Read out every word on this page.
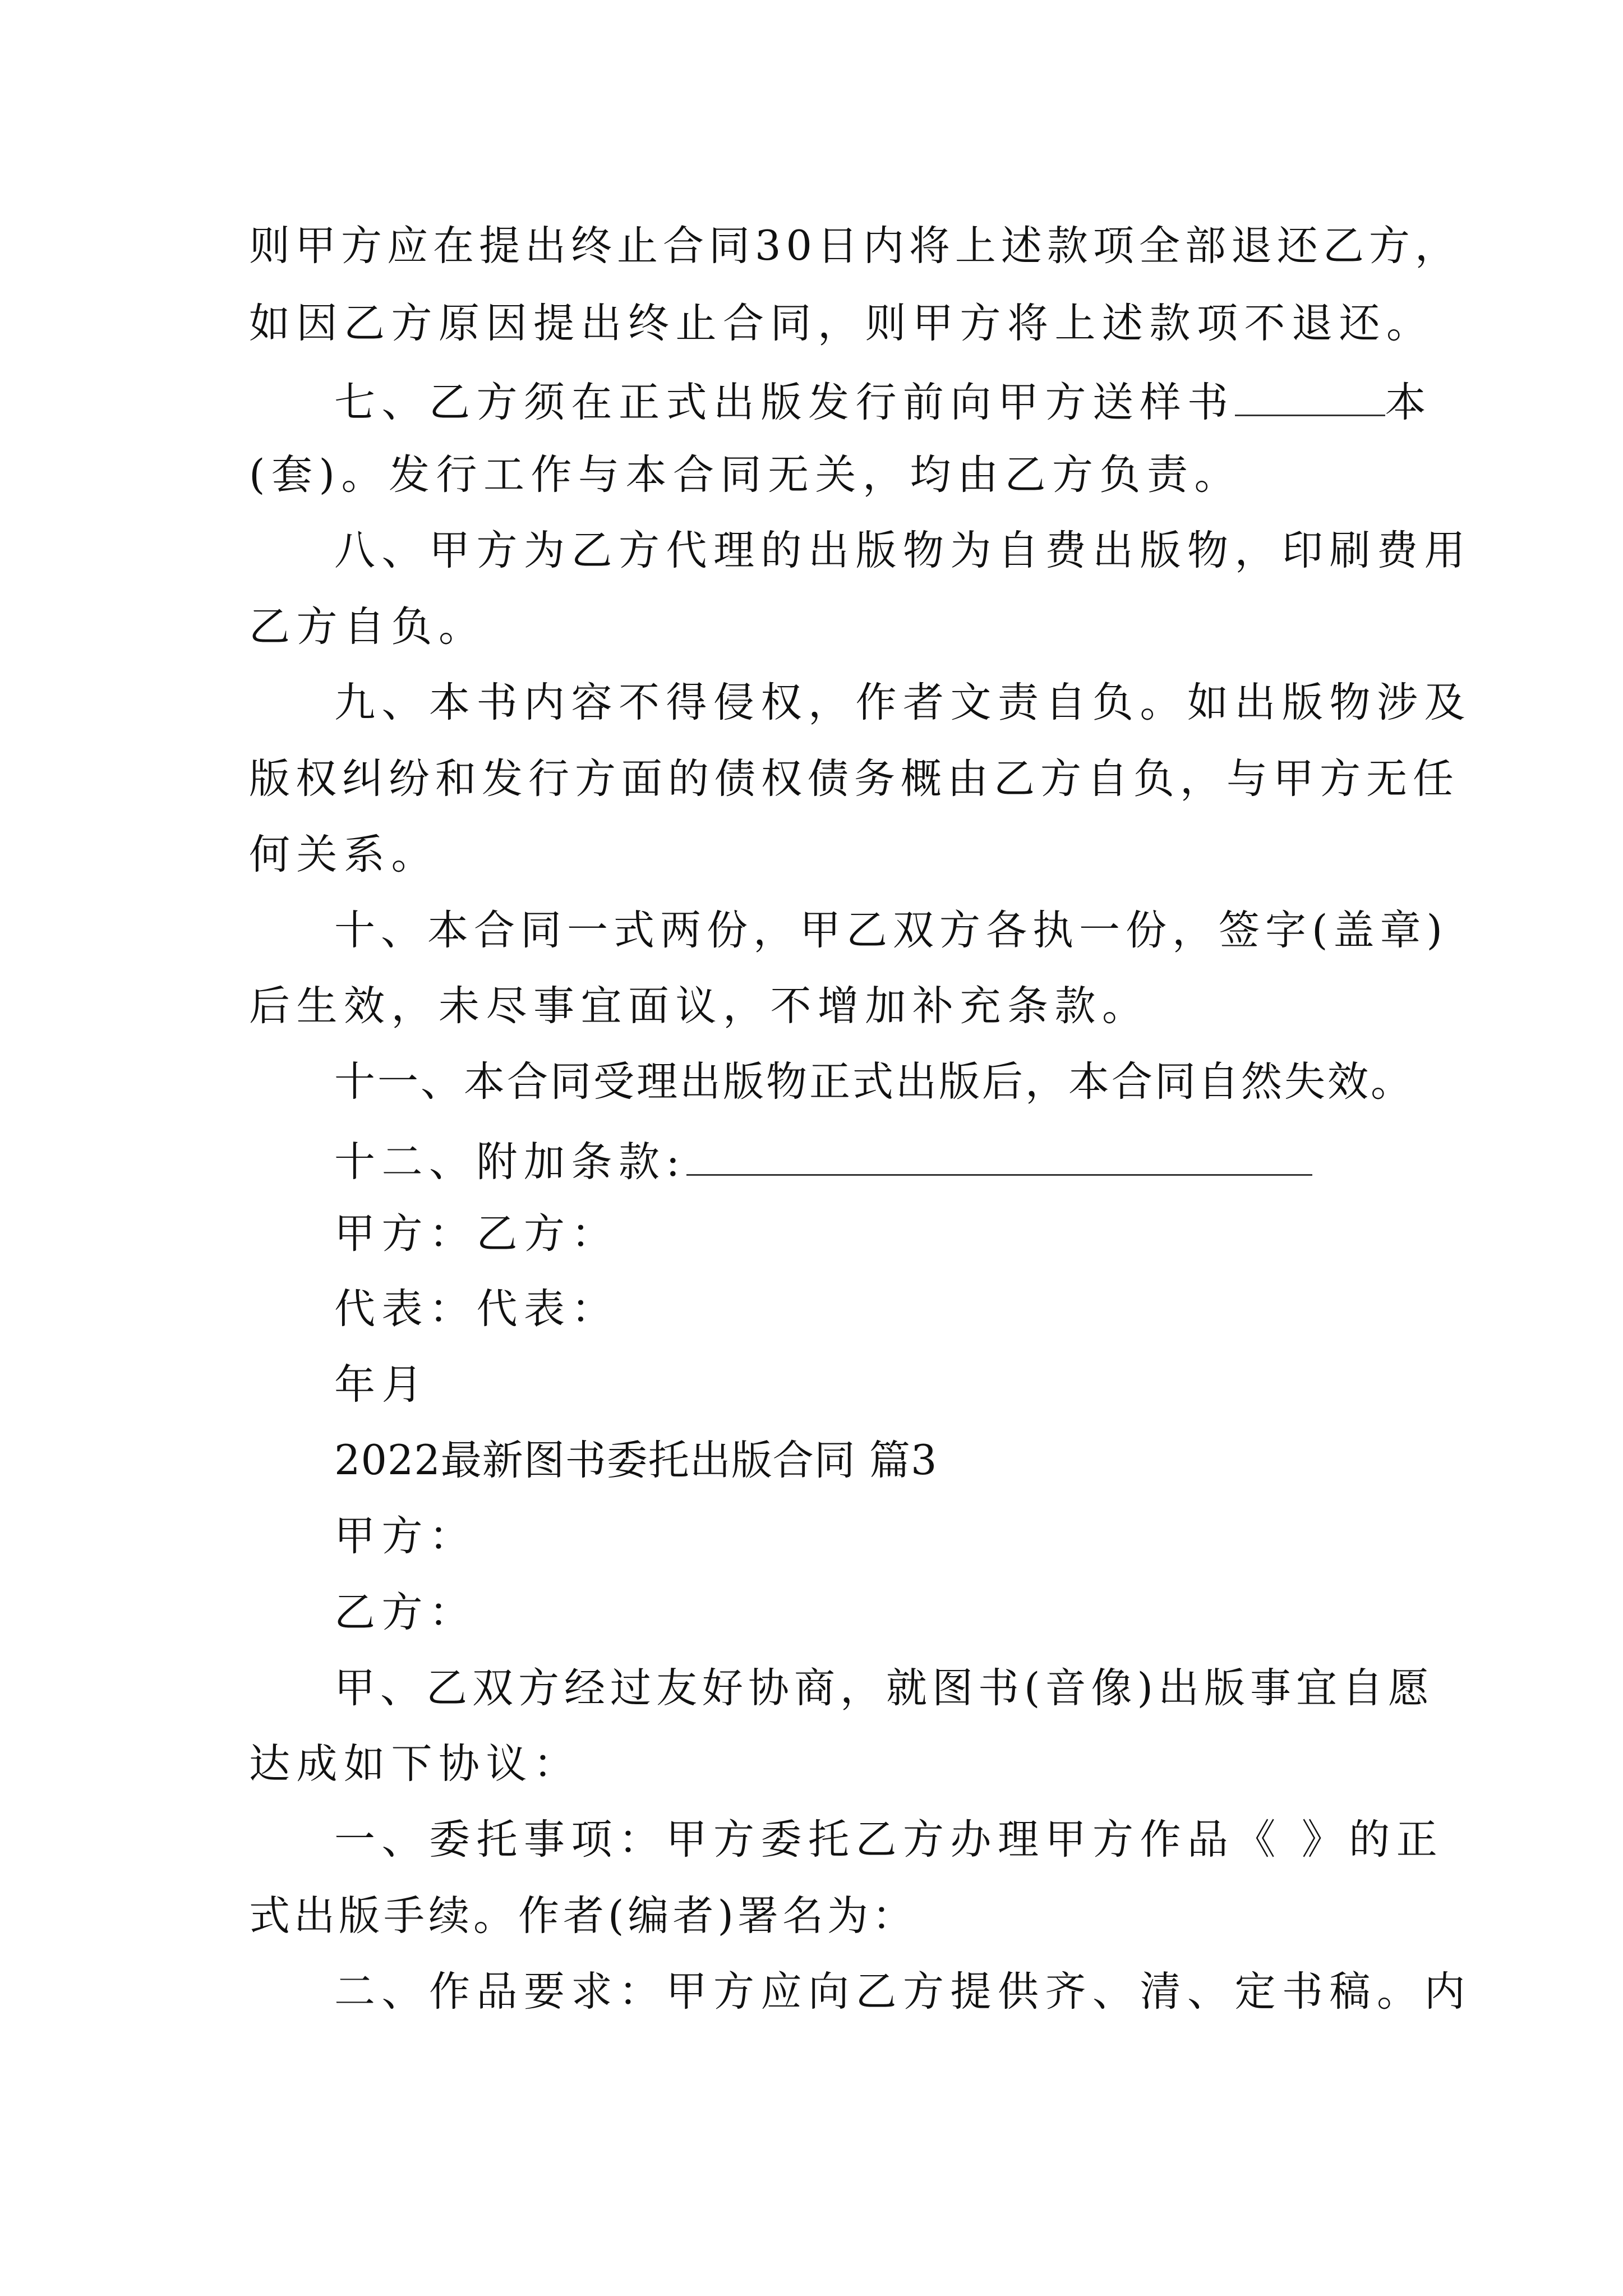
则甲方应在提出终止合同30日内将上述款项全部退还乙方，
如因乙方原因提出终止合同，则甲方将上述款项不退还。
七、乙方须在正式出版发行前向甲方送样书	本
(套)。发行工作与本合同无关，均由乙方负责。
八、甲方为乙方代理的出版物为自费出版物，印刷费用
乙方自负。
九、本书内容不得侵权，作者文责自负。如出版物涉及
版权纠纷和发行方面的债权债务概由乙方自负，与甲方无任
何关系。
十、本合同一式两份，甲乙双方各执一份，签字(盖章)
后生效，未尽事宜面议，不增加补充条款。
十一、本合同受理出版物正式出版后，本合同自然失效。
十二、附加条款:
甲方：乙方：
代表：代表：
年月
2022最新图书委托出版合同 篇3
甲方：
乙方：
甲、乙双方经过友好协商，就图书(音像)出版事宜自愿
达成如下协议：
一、委托事项：甲方委托乙方办理甲方作品《 》的正
式出版手续。作者(编者)署名为：
二、作品要求：甲方应向乙方提供齐、清、定书稿。内
